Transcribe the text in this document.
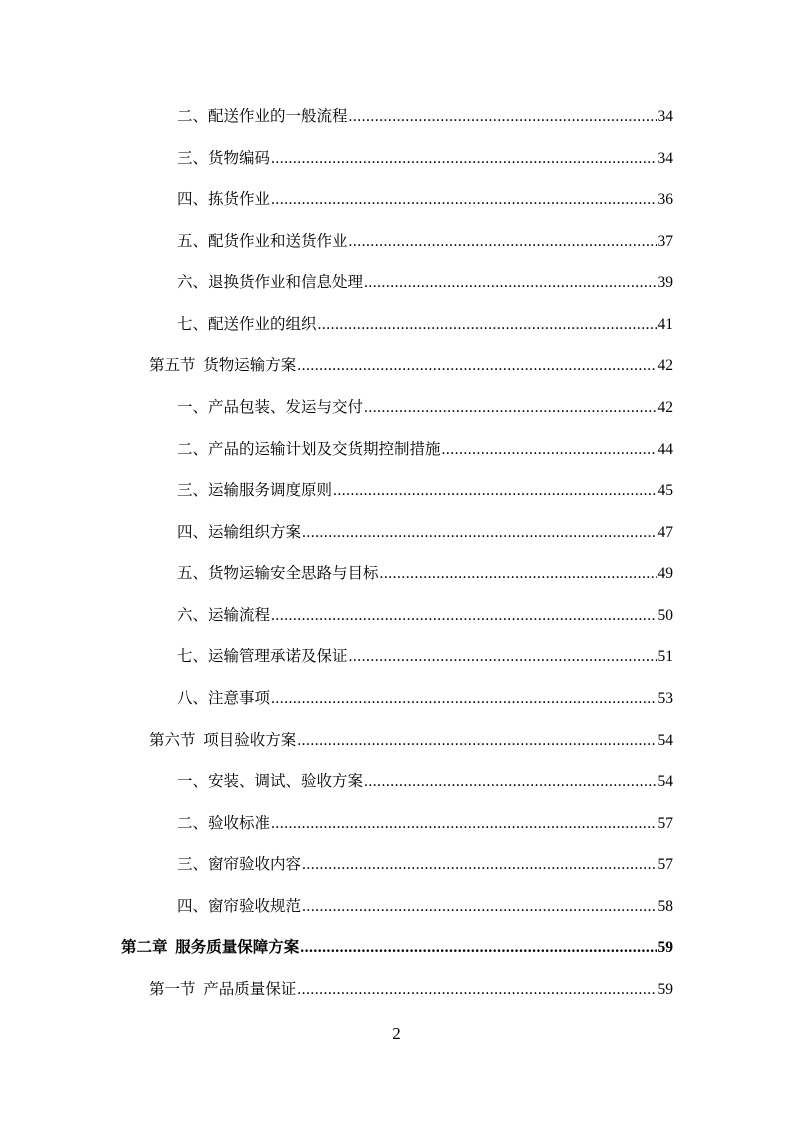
二、配送作业的一般流程 .....	34
三、货物编码 .....	34
四、拣货作业 .....	36
五、配货作业和送货作业 .....	37
六、退换货作业和信息处理 .....	39
七、配送作业的组织 .....	41
第五节  货物运输方案 .....	42
一、产品包装、发运与交付 .....	42
二、产品的运输计划及交货期控制措施 .....	44
三、运输服务调度原则 .....	45
四、运输组织方案 .....	47
五、货物运输安全思路与目标 .....	49
六、运输流程 .....	50
七、运输管理承诺及保证 .....	51
八、注意事项 .....	53
第六节  项目验收方案 .....	54
一、安装、调试、验收方案 .....	54
二、验收标准 .....	57
三、窗帘验收内容 .....	57
四、窗帘验收规范 .....	58
第二章  服务质量保障方案 .....	59
第一节  产品质量保证 .....	59
2
